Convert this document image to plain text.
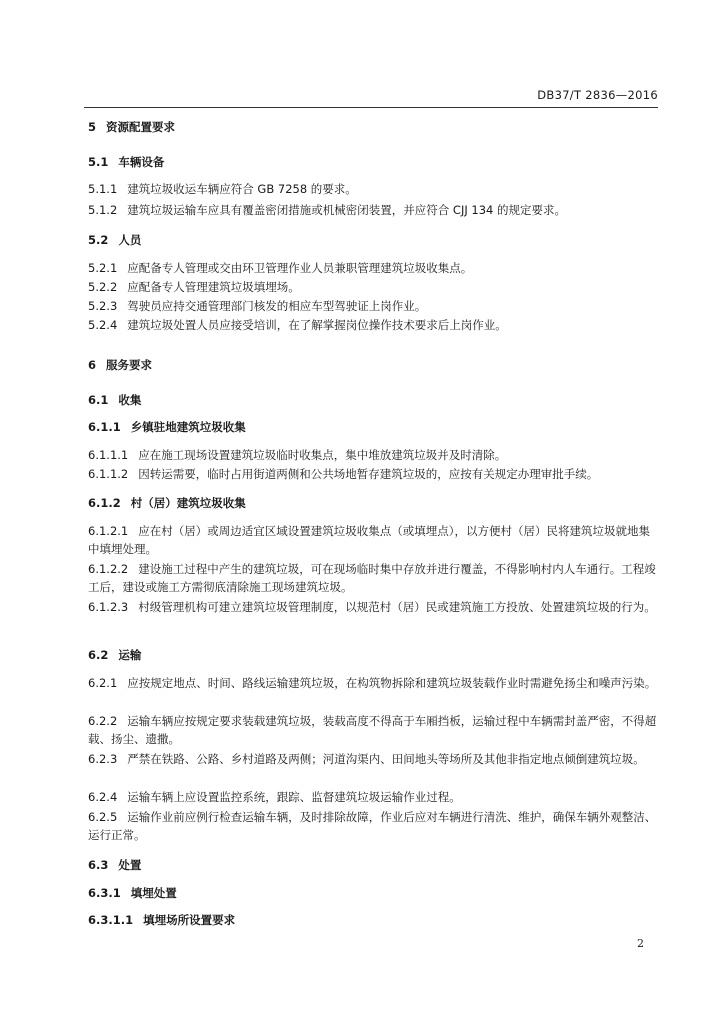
DB37/T 2836—2016
5 资源配置要求
5.1 车辆设备
5.1.1 建筑垃圾收运车辆应符合 GB 7258 的要求。
5.1.2 建筑垃圾运输车应具有覆盖密闭措施或机械密闭装置，并应符合 CJJ 134 的规定要求。
5.2 人员
5.2.1 应配备专人管理或交由环卫管理作业人员兼职管理建筑垃圾收集点。
5.2.2 应配备专人管理建筑垃圾填埋场。
5.2.3 驾驶员应持交通管理部门核发的相应车型驾驶证上岗作业。
5.2.4 建筑垃圾处置人员应接受培训，在了解掌握岗位操作技术要求后上岗作业。
6 服务要求
6.1 收集
6.1.1 乡镇驻地建筑垃圾收集
6.1.1.1 应在施工现场设置建筑垃圾临时收集点，集中堆放建筑垃圾并及时清除。
6.1.1.2 因转运需要，临时占用街道两侧和公共场地暂存建筑垃圾的，应按有关规定办理审批手续。
6.1.2 村（居）建筑垃圾收集
6.1.2.1 应在村（居）或周边适宜区域设置建筑垃圾收集点（或填埋点），以方便村（居）民将建筑垃圾就地集中填埋处理。
6.1.2.2 建设施工过程中产生的建筑垃圾，可在现场临时集中存放并进行覆盖，不得影响村内人车通行。工程竣工后，建设或施工方需彻底清除施工现场建筑垃圾。
6.1.2.3 村级管理机构可建立建筑垃圾管理制度，以规范村（居）民或建筑施工方投放、处置建筑垃圾的行为。
6.2 运输
6.2.1 应按规定地点、时间、路线运输建筑垃圾，在构筑物拆除和建筑垃圾装载作业时需避免扬尘和噪声污染。
6.2.2 运输车辆应按规定要求装载建筑垃圾，装载高度不得高于车厢挡板，运输过程中车辆需封盖严密，不得超载、扬尘、遗撒。
6.2.3 严禁在铁路、公路、乡村道路及两侧；河道沟渠内、田间地头等场所及其他非指定地点倾倒建筑垃圾。
6.2.4 运输车辆上应设置监控系统，跟踪、监督建筑垃圾运输作业过程。
6.2.5 运输作业前应例行检查运输车辆，及时排除故障，作业后应对车辆进行清洗、维护，确保车辆外观整洁、运行正常。
6.3 处置
6.3.1 填埋处置
6.3.1.1 填埋场所设置要求
2
